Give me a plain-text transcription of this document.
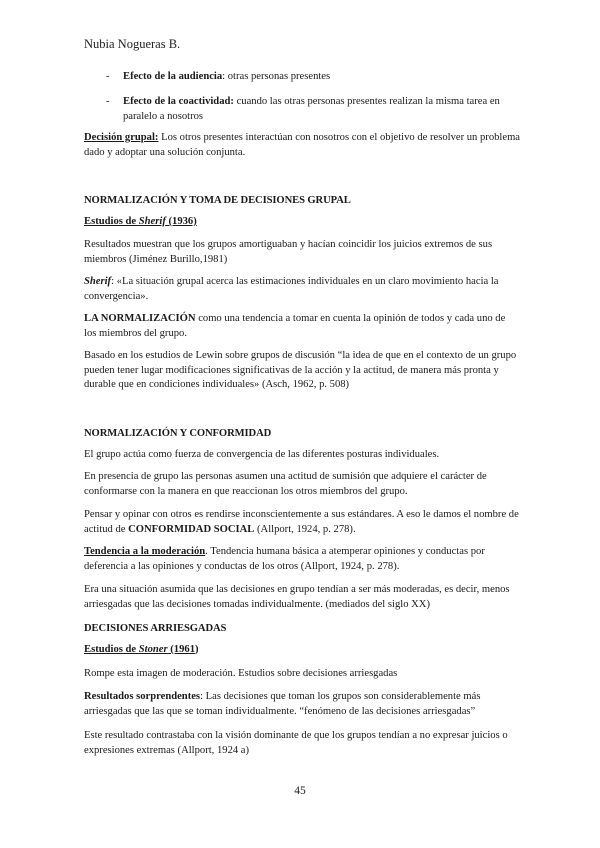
Nubia Nogueras B.
- Efecto de la audiencia: otras personas presentes
- Efecto de la coactividad: cuando las otras personas presentes realizan la misma tarea en paralelo a nosotros
Decisión grupal: Los otros presentes interactúan con nosotros con el objetivo de resolver un problema dado y adoptar una solución conjunta.
NORMALIZACIÓN Y TOMA DE DECISIONES GRUPAL
Estudios de Sherif (1936)
Resultados muestran que los grupos amortiguaban y hacían coincidir los juicios extremos de sus miembros (Jiménez Burillo,1981)
Sherif: «La situación grupal acerca las estimaciones individuales en un claro movimiento hacia la convergencia».
LA NORMALIZACIÓN como una tendencia a tomar en cuenta la opinión de todos y cada uno de los miembros del grupo.
Basado en los estudios de Lewin sobre grupos de discusión “la idea de que en el contexto de un grupo pueden tener lugar modificaciones significativas de la acción y la actitud, de manera más pronta y durable que en condiciones individuales» (Asch, 1962, p. 508)
NORMALIZACIÓN Y CONFORMIDAD
El grupo actúa como fuerza de convergencia de las diferentes posturas individuales.
En presencia de grupo las personas asumen una actitud de sumisión que adquiere el carácter de conformarse con la manera en que reaccionan los otros miembros del grupo.
Pensar y opinar con otros es rendirse inconscientemente a sus estándares. A eso le damos el nombre de actitud de CONFORMIDAD SOCIAL (Allport, 1924, p. 278).
Tendencia a la moderación. Tendencia humana básica a atemperar opiniones y conductas por deferencia a las opiniones y conductas de los otros (Allport, 1924, p. 278).
Era una situación asumida que las decisiones en grupo tendían a ser más moderadas, es decir, menos arriesgadas que las decisiones tomadas individualmente. (mediados del siglo XX)
DECISIONES ARRIESGADAS
Estudios de Stoner (1961)
Rompe esta imagen de moderación. Estudios sobre decisiones arriesgadas
Resultados sorprendentes: Las decisiones que toman los grupos son considerablemente más arriesgadas que las que se toman individualmente. “fenómeno de las decisiones arriesgadas”
Este resultado contrastaba con la visión dominante de que los grupos tendían a no expresar juicios o expresiones extremas (Allport, 1924 a)
45
